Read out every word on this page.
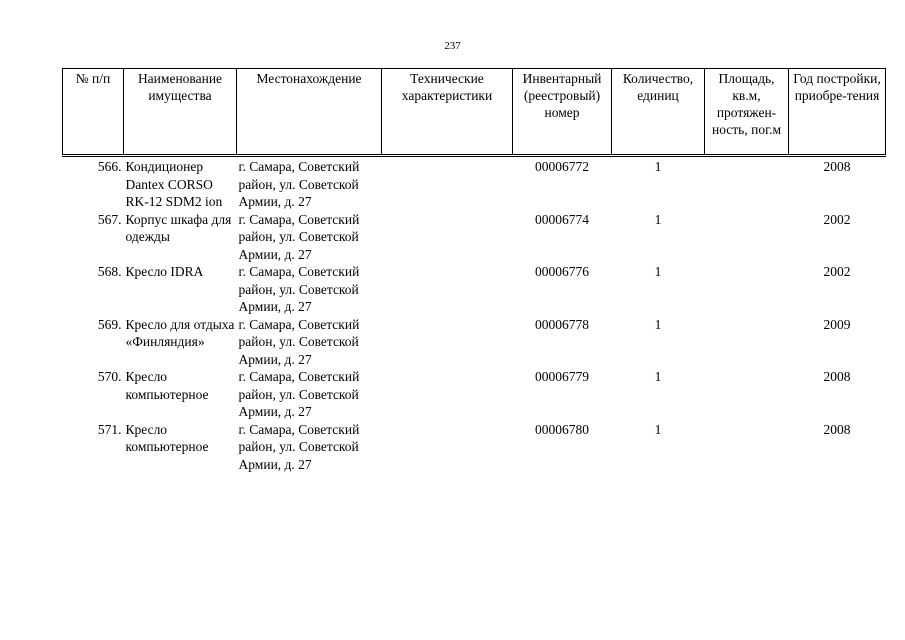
237
№ п/п	Наименование имущества	Местонахождение	Технические характеристики	Инвентарный (реестровый) номер	Количество, единиц	Площадь, кв.м, протяжен-ность, пог.м	Год постройки, приобре-тения
566.	Кондиционер Dantex CORSO RK-12 SDM2 ion	г. Самара, Советский район, ул. Советской Армии, д. 27		00006772	1		2008
567.	Корпус шкафа для одежды	г. Самара, Советский район, ул. Советской Армии, д. 27		00006774	1		2002
568.	Кресло IDRA	г. Самара, Советский район, ул. Советской Армии, д. 27		00006776	1		2002
569.	Кресло для отдыха «Финляндия»	г. Самара, Советский район, ул. Советской Армии, д. 27		00006778	1		2009
570.	Кресло компьютерное	г. Самара, Советский район, ул. Советской Армии, д. 27		00006779	1		2008
571.	Кресло компьютерное	г. Самара, Советский район, ул. Советской Армии, д. 27		00006780	1		2008
